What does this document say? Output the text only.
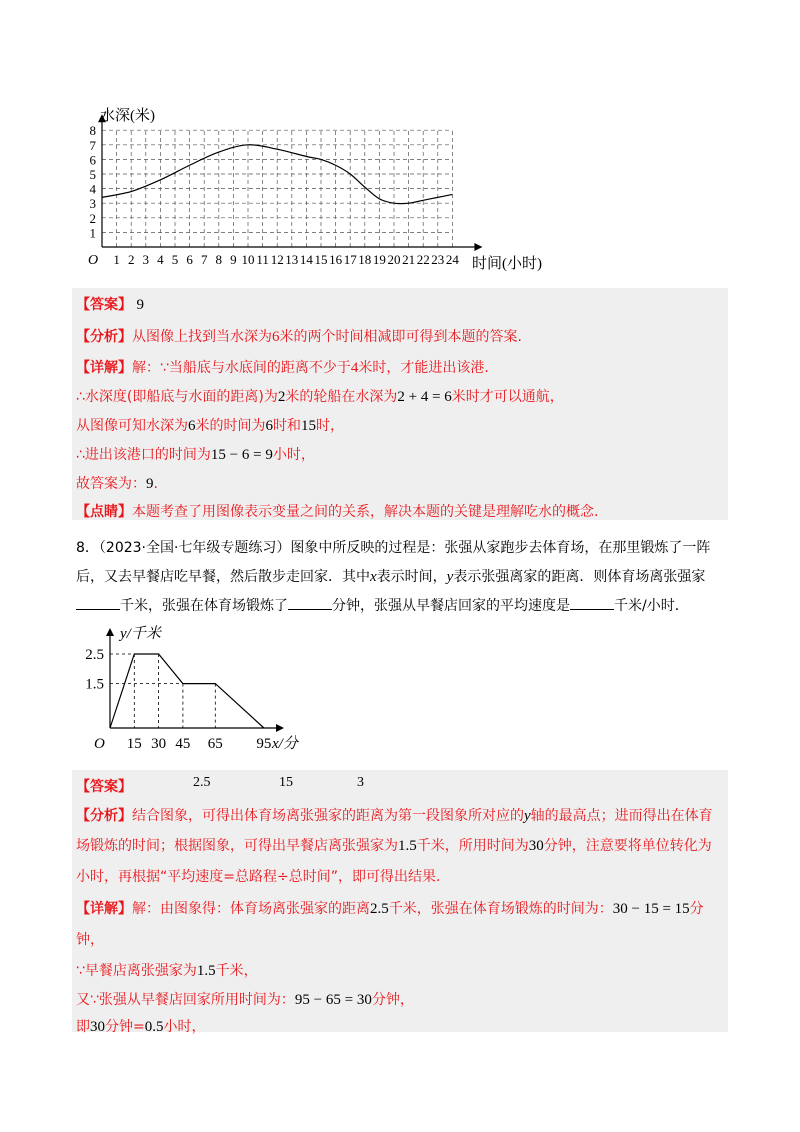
1 2 3 4 5 6 7 8 9 10 11 12 13 14 15 16 17 18 19 20 21 22 23 24
1
2
3
4
5
6
7
8
水深(米)
时间(小时)
O
【答案】 9
【分析】从图像上找到当水深为6米的两个时间相减即可得到本题的答案.
【详解】解：∵当船底与水底间的距离不少于4米时，才能进出该港.
∴水深度(即船底与水面的距离)为2米的轮船在水深为2 + 4 = 6米时才可以通航，
从图像可知水深为6米的时间为6时和15时，
∴进出该港口的时间为15 − 6 = 9小时，
故答案为：9.
【点睛】本题考查了用图像表示变量之间的关系，解决本题的关键是理解吃水的概念.
8．（2023·全国·七年级专题练习）图象中所反映的过程是：张强从家跑步去体育场，在那里锻炼了一阵
后，又去早餐店吃早餐，然后散步走回家．其中x表示时间，y表示张强离家的距离．则体育场离张强家
千米，张强在体育场锻炼了	分钟，张强从早餐店回家的平均速度是	千米/小时．
15 30 45 65 95
1.5
2.5
y/千米
x/分
O
【答案】	2.5	15	3
【分析】结合图象，可得出体育场离张强家的距离为第一段图象所对应的y轴的最高点；进而得出在体育
场锻炼的时间；根据图象，可得出早餐店离张强家为1.5千米，所用时间为30分钟，注意要将单位转化为
小时，再根据“平均速度=总路程÷总时间”，即可得出结果.
【详解】解：由图象得：体育场离张强家的距离2.5千米，张强在体育场锻炼的时间为：30 − 15 = 15分
钟，
∵早餐店离张强家为1.5千米，
又∵张强从早餐店回家所用时间为：95 − 65 = 30分钟，
即30分钟=0.5小时，
